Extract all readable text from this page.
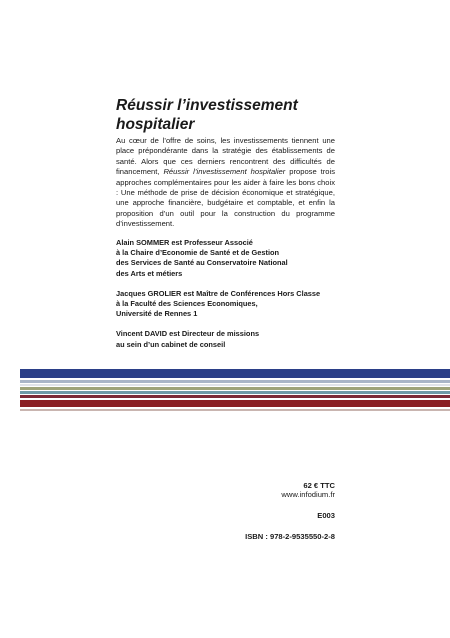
Réussir l’investissement
hospitalier

Au cœur de l’offre de soins, les investissements tiennent une place prépondérante dans la stratégie des établissements de santé. Alors que ces derniers rencontrent des difficultés de financement, Réussir l’investissement hospitalier propose trois approches complémentaires pour les aider à faire les bons choix : Une méthode de prise de décision économique et stratégique, une approche financière, budgétaire et comptable, et enfin la proposition d’un outil pour la construction du programme d’investissement.

Alain SOMMER est Professeur Associé
à la Chaire d’Economie de Santé et de Gestion
des Services de Santé au Conservatoire National
des Arts et métiers

Jacques GROLIER est Maître de Conférences Hors Classe
à la Faculté des Sciences Economiques,
Université de Rennes 1

Vincent DAVID est Directeur de missions
au sein d’un cabinet de conseil

62 € TTC
www.infodium.fr
E003
ISBN : 978-2-9535550-2-8
